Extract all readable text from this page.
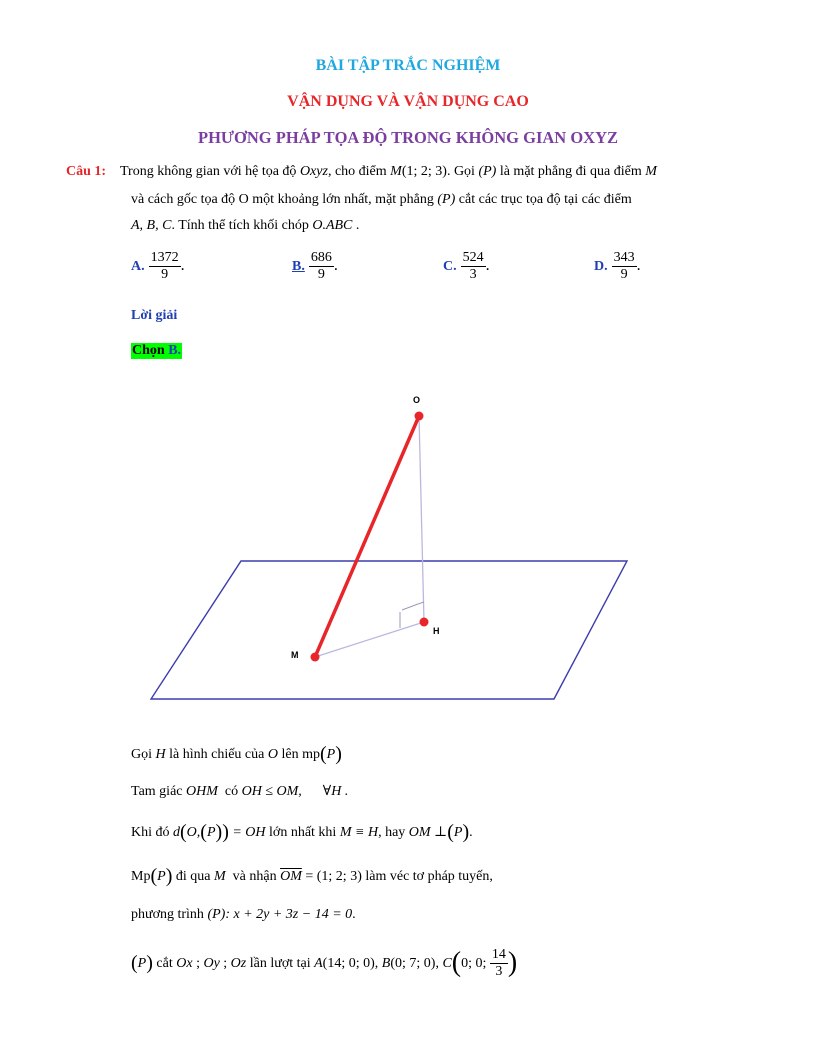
BÀI TẬP TRẮC NGHIỆM
VẬN DỤNG VÀ VẬN DỤNG CAO
PHƯƠNG PHÁP TỌA ĐỘ TRONG KHÔNG GIAN OXYZ
Câu 1: Trong không gian với hệ tọa độ Oxyz, cho điểm M(1; 2; 3). Gọi (P) là mặt phẳng đi qua điểm M
và cách gốc tọa độ O một khoảng lớn nhất, mặt phẳng (P) cắt các trục tọa độ tại các điểm
A, B, C. Tính thể tích khối chóp O.ABC .
A. $\frac{1372}{9}$ .	B. $\frac{686}{9}$ .	C. $\frac{524}{3}$ .	D. $\frac{343}{9}$ .
Lời giải
Chọn B.
O
H
M
Gọi H là hình chiếu của O lên mp(P)
Tam giác OHM có OH ≤ OM, ∀H .
Khi đó d(O,(P)) = OH lớn nhất khi M ≡ H, hay OM ⊥(P).
Mp(P) đi qua M và nhận $\overline{OM} = (1$; 2; 3) làm véc tơ pháp tuyến,
phương trình (P): x + 2y + 3z − 14 = 0.
(P) cắt Ox ; Oy ; Oz lần lượt tại A(14; 0; 0), B(0; 7; 0), C(0; 0; $\frac{14}{3}$ )
